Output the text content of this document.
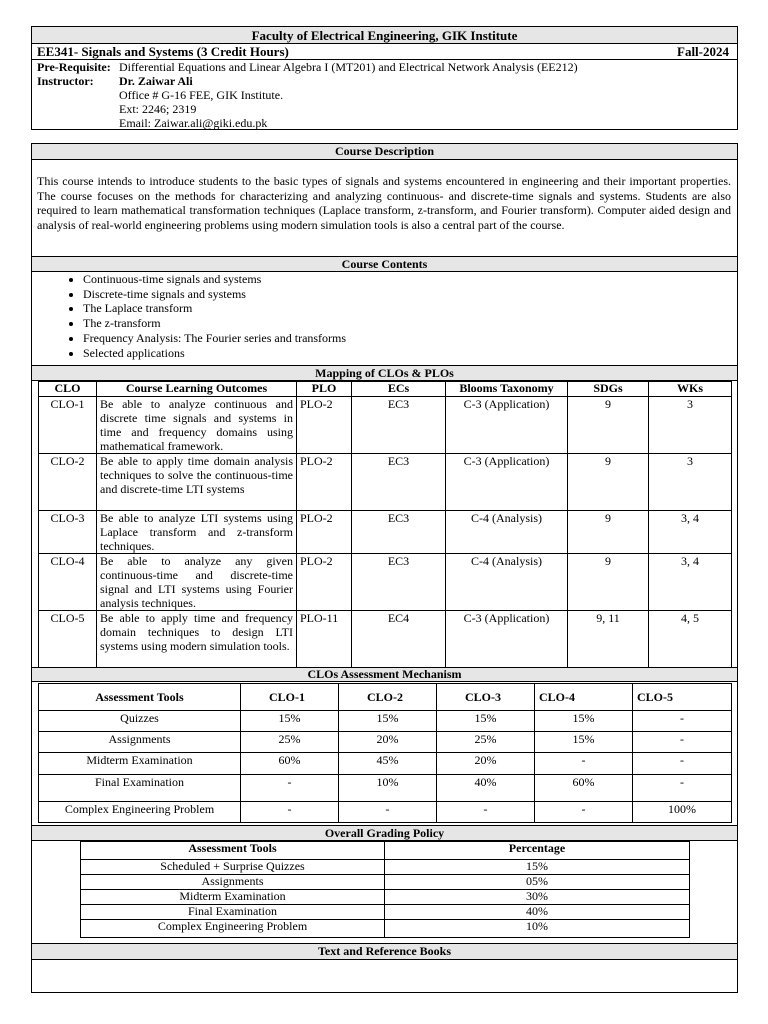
Faculty of Electrical Engineering, GIK Institute
EE341- Signals and Systems (3 Credit Hours)	Fall-2024
Pre-Requisite: Differential Equations and Linear Algebra I (MT201) and Electrical Network Analysis (EE212)
Instructor: Dr. Zaiwar Ali
Office # G-16 FEE, GIK Institute.
Ext: 2246; 2319
Email: Zaiwar.ali@giki.edu.pk
Course Description
This course intends to introduce students to the basic types of signals and systems encountered in engineering and their important properties. The course focuses on the methods for characterizing and analyzing continuous- and discrete-time signals and systems. Students are also required to learn mathematical transformation techniques (Laplace transform, z-transform, and Fourier transform). Computer aided design and analysis of real-world engineering problems using modern simulation tools is also a central part of the course.
Course Contents
• Continuous-time signals and systems
• Discrete-time signals and systems
• The Laplace transform
• The z-transform
• Frequency Analysis: The Fourier series and transforms
• Selected applications
Mapping of CLOs & PLOs
CLO	Course Learning Outcomes	PLO	ECs	Blooms Taxonomy	SDGs	WKs
CLO-1	Be able to analyze continuous and discrete time signals and systems in time and frequency domains using mathematical framework.	PLO-2	EC3	C-3 (Application)	9	3
CLO-2	Be able to apply time domain analysis techniques to solve the continuous-time and discrete-time LTI systems	PLO-2	EC3	C-3 (Application)	9	3
CLO-3	Be able to analyze LTI systems using Laplace transform and z-transform techniques.	PLO-2	EC3	C-4 (Analysis)	9	3, 4
CLO-4	Be able to analyze any given continuous-time and discrete-time signal and LTI systems using Fourier analysis techniques.	PLO-2	EC3	C-4 (Analysis)	9	3, 4
CLO-5	Be able to apply time and frequency domain techniques to design LTI systems using modern simulation tools.	PLO-11	EC4	C-3 (Application)	9, 11	4, 5
CLOs Assessment Mechanism
Assessment Tools	CLO-1	CLO-2	CLO-3	CLO-4	CLO-5
Quizzes	15%	15%	15%	15%	-
Assignments	25%	20%	25%	15%	-
Midterm Examination	60%	45%	20%	-	-
Final Examination	-	10%	40%	60%	-
Complex Engineering Problem	-	-	-	-	100%
Overall Grading Policy
Assessment Tools	Percentage
Scheduled + Surprise Quizzes	15%
Assignments	05%
Midterm Examination	30%
Final Examination	40%
Complex Engineering Problem	10%
Text and Reference Books
